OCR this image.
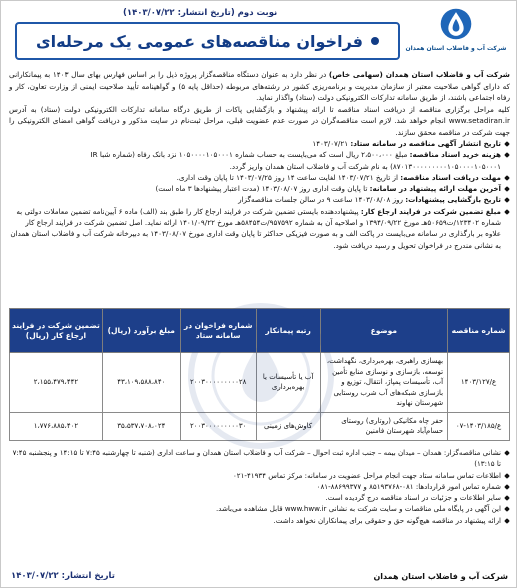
شرکت آب و فاضلاب استان همدان
نوبت دوم (تاریخ انتشار: ۱۴۰۳/۰۷/۲۲)
فراخوان مناقصه‌های عمومی یک مرحله‌ای
شرکت آب و فاضلاب استان همدان (سهامی خاص) در نظر دارد به عنوان دستگاه مناقصه‌گزار پروژه ذیل را بر اساس فهارس بهای سال ۱۴۰۳ به پیمانکارانی که دارای گواهی صلاحیت معتبر از سازمان مدیریت و برنامه‌ریزی کشور در رشته‌های مربوطه (حداقل پایه ۵) و گواهینامه تأیید صلاحیت ایمنی از وزارت تعاون، کار و رفاه اجتماعی باشند، از طریق سامانه تدارکات الکترونیکی دولت (ستاد) واگذار نماید.
کلیه مراحل برگزاری مناقصه از دریافت اسناد مناقصه تا ارائه پیشنهاد و بازگشایی پاکات از طریق درگاه سامانه تدارکات الکترونیکی دولت (ستاد) به آدرس www.setadiran.ir انجام خواهد شد. لازم است مناقصه‌گران در صورت عدم عضویت قبلی، مراحل ثبت‌نام در سایت مذکور و دریافت گواهی امضای الکترونیکی را جهت شرکت در مناقصه محقق سازند.
تاریخ انتشار آگهی مناقصه در سامانه ستاد: ۱۴۰۳/۰۷/۲۱
هزینه خرید اسناد مناقصه: مبلغ ۲،۵۰۰،۰۰۰ ریال است که می‌بایست به حساب شماره ۱۰۵۰۰۰۰۱۰۵۰۰۰۱ نزد بانک رفاه (شماره شبا IR ۸۷۰۱۳۰۰۰۰۰۰۰۰۰۱۰۵۰۰۰۰۱۰۵۰۰۰۱) به نام شرکت آب و فاضلاب استان همدان واریز گردد.
مهلت دریافت اسناد مناقصه: از تاریخ ۱۴۰۳/۰۷/۲۱ لغایت ساعت ۱۴ روز ۱۴۰۳/۰۷/۲۵ تا پایان وقت اداری.
آخرین مهلت ارائه پیشنهاد در سامانه: تا پایان وقت اداری روز ۱۴۰۳/۰۸/۰۷ (مدت اعتبار پیشنهادها ۳ ماه است)
تاریخ بازگشایی پیشنهادات: روز ۱۴۰۳/۰۸/۰۸ ساعت ۹ در سالن جلسات مناقصه‌گزار
مبلغ تضمین شرکت در فرایند ارجاع کار: پیشنهاددهنده بایستی تضمین شرکت در فرایند ارجاع کار را طبق بند (الف) ماده ۶ آیین‌نامه تضمین معاملات دولتی به شماره ۱۲۳۴۰۲/ت۵۰۶۵۹هـ مورخ ۱۳۹۴/۰۹/۲۲ و اصلاحیه آن به شماره ۹۵۷۵۹۲/ت۵۸۴۵۴هـ مورخ ۱۴۰۱/۰۹/۲۲ ارائه نماید. اصل تضمین شرکت در فرایند ارجاع کار علاوه بر بارگذاری در سامانه می‌بایست در پاکت الف و به صورت فیزیکی حداکثر تا پایان وقت اداری مورخ ۱۴۰۳/۰۸/۰۷ به دبیرخانه شرکت آب و فاضلاب استان همدان به نشانی مندرج در فراخوان تحویل و رسید دریافت شود.
شماره مناقصه	موضوع	رتبه پیمانکار	شماره فراخوان در سامانه ستاد	مبلغ برآورد (ریال)	تضمین شرکت در فرایند ارجاع کار (ریال)
ع/۱۴۰۳/۱۲۷	بهسازی راهبری، بهره‌برداری، نگهداشت، توسعه، بازسازی و نوسازی منابع تأمین آب، تأسیسات پمپاژ، انتقال، توزیع و بازسازی شبکه‌های آب شرب روستایی شهرستان نهاوند	آب یا تأسیسات یا بهره‌برداری	۲۰۰۳۰۰۰۰۰۰۰۰۰۲۸	۴۳،۱۰۹،۵۸۸،۸۴۰	۲،۱۵۵،۴۷۹،۴۴۲
ع/۱۴۰۳/۱۸۵-۰۷	حفر چاه مکانیکی (روتاری) روستای حسام‌آباد شهرستان فامنین	کاوش‌های زمینی	۲۰۰۳۰۰۰۰۰۰۰۰۰۳۰	۳۵،۵۳۷،۷۰۸،۰۲۴	۱،۷۷۶،۸۸۵،۴۰۲
نشانی مناقصه‌گزار: همدان – میدان بیمه – جنب اداره ثبت احوال – شرکت آب و فاضلاب استان همدان و ساعت اداری (شنبه تا چهارشنبه ۷:۴۵ تا ۱۴:۱۵ و پنجشنبه ۷:۴۵ تا ۱۳:۱۵)
اطلاعات تماس سامانه ستاد جهت انجام مراحل عضویت در سامانه: مرکز تماس ۴۱۹۳۴-۰۲۱
شماره تماس امور قراردادها: ۰۸۱-۸۵۱۹۳۷۶۸ و ۸۸۶۹۹۳۷۷-۰۸۱
سایر اطلاعات و جزئیات در اسناد مناقصه درج گردیده است.
این آگهی در پایگاه ملی مناقصات و سایت شرکت به نشانی www.hww.ir قابل مشاهده می‌باشد.
ارائه پیشنهاد در مناقصه هیچ‌گونه حق و حقوقی برای پیمانکاران نخواهد داشت.
شرکت آب و فاضلاب استان همدان
تاریخ انتشار: ۱۴۰۳/۰۷/۲۲
